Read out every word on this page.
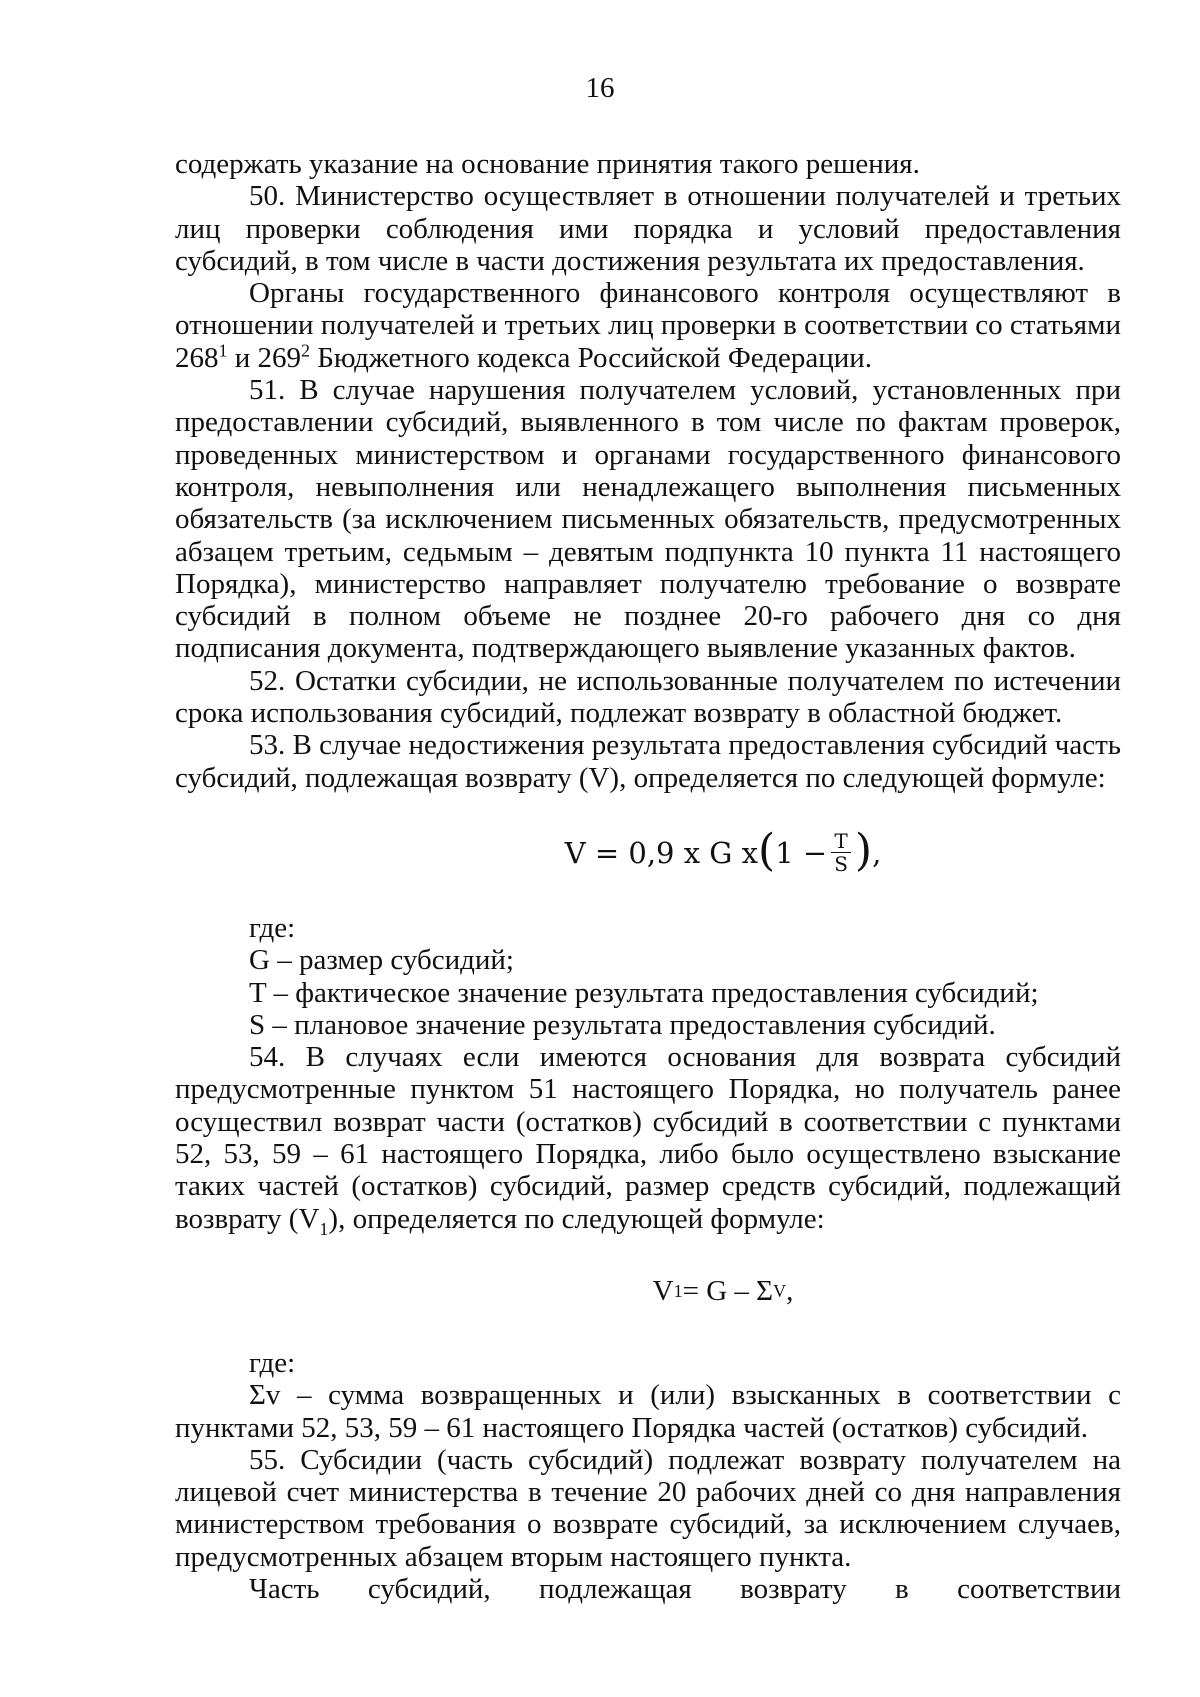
16

содержать указание на основание принятия такого решения.

50. Министерство осуществляет в отношении получателей и третьих лиц проверки соблюдения ими порядка и условий предоставления субсидий, в том числе в части достижения результата их предоставления.

Органы государственного финансового контроля осуществляют в отношении получателей и третьих лиц проверки в соответствии со статьями $268^1$ и $269^2$ Бюджетного кодекса Российской Федерации.

51. В случае нарушения получателем условий, установленных при предоставлении субсидий, выявленного в том числе по фактам проверок, проведенных министерством и органами государственного финансового контроля, невыполнения или ненадлежащего выполнения письменных обязательств (за исключением письменных обязательств, предусмотренных абзацем третьим, седьмым – девятым подпункта 10 пункта 11 настоящего Порядка), министерство направляет получателю требование о возврате субсидий в полном объеме не позднее 20-го рабочего дня со дня подписания документа, подтверждающего выявление указанных фактов.

52. Остатки субсидии, не использованные получателем по истечении срока использования субсидий, подлежат возврату в областной бюджет.

53. В случае недостижения результата предоставления субсидий часть субсидий, подлежащая возврату (V), определяется по следующей формуле:

V = 0,9 x G x ( $1 - \frac{T}{S}$ ) ,

где:

G – размер субсидий;

T – фактическое значение результата предоставления субсидий;

S – плановое значение результата предоставления субсидий.

54. В случаях если имеются основания для возврата субсидий предусмотренные пунктом 51 настоящего Порядка, но получатель ранее осуществил возврат части (остатков) субсидий в соответствии с пунктами 52, 53, 59 – 61 настоящего Порядка, либо было осуществлено взыскание таких частей (остатков) субсидий, размер средств субсидий, подлежащий возврату $(V_1)$, определяется по следующей формуле:

V 1 = G – Σ V ,

где:

Σᴠ – сумма возвращенных и (или) взысканных в соответствии с пунктами 52, 53, 59 – 61 настоящего Порядка частей (остатков) субсидий.

55. Субсидии (часть субсидий) подлежат возврату получателем на лицевой счет министерства в течение 20 рабочих дней со дня направления министерством требования о возврате субсидий, за исключением случаев, предусмотренных абзацем вторым настоящего пункта.

Часть субсидий, подлежащая возврату в соответствии
